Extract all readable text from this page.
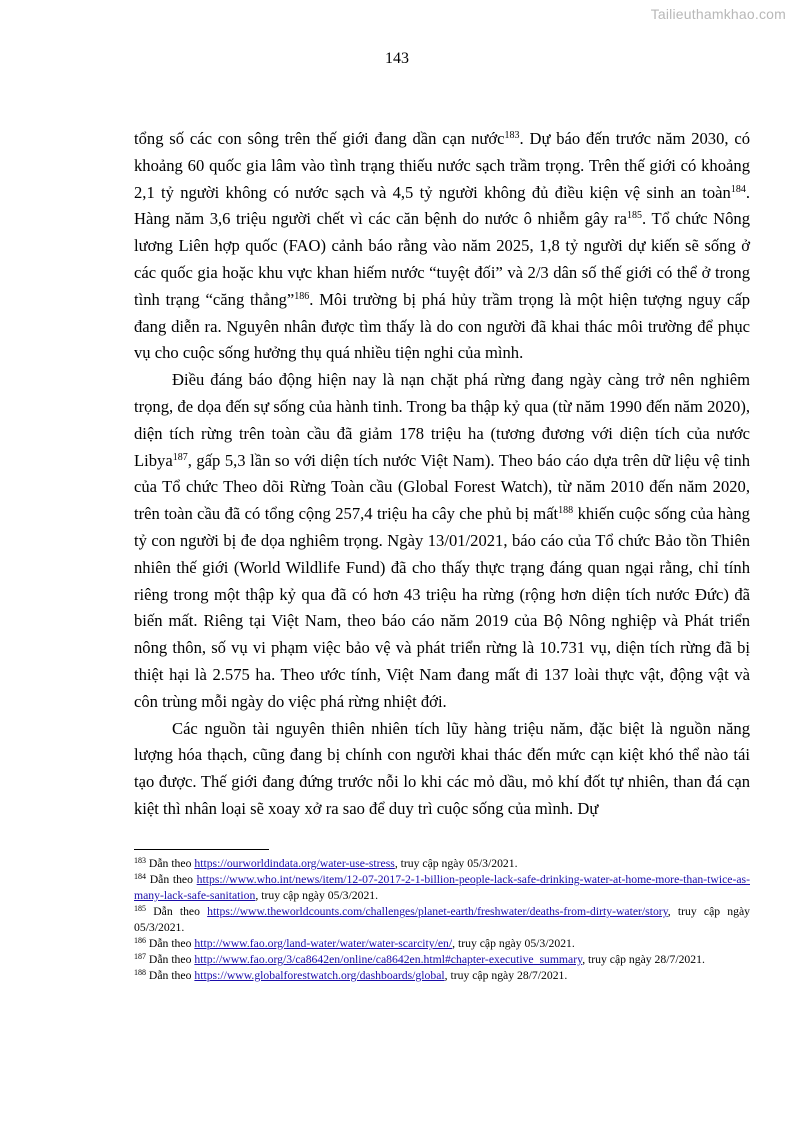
Tailieuthamkhao.com
143

tổng số các con sông trên thế giới đang dần cạn nước$^{183}$. Dự báo đến trước năm 2030, có khoảng 60 quốc gia lâm vào tình trạng thiếu nước sạch trầm trọng. Trên thế giới có khoảng 2,1 tỷ người không có nước sạch và 4,5 tỷ người không đủ điều kiện vệ sinh an toàn$^{184}$. Hàng năm 3,6 triệu người chết vì các căn bệnh do nước ô nhiễm gây $ra^{185}$. Tổ chức Nông lương Liên hợp quốc (FAO) cảnh báo rằng vào năm 2025, 1,8 tỷ người dự kiến sẽ sống ở các quốc gia hoặc khu vực khan hiếm nước “tuyệt đối” và 2/3 dân số thế giới có thể ở trong tình trạng “căng thẳng”$^{186}$. Môi trường bị phá hủy trầm trọng là một hiện tượng nguy cấp đang diễn ra. Nguyên nhân được tìm thấy là do con người đã khai thác môi trường để phục vụ cho cuộc sống hưởng thụ quá nhiều tiện nghi của mình.

Điều đáng báo động hiện nay là nạn chặt phá rừng đang ngày càng trở nên nghiêm trọng, đe dọa đến sự sống của hành tinh. Trong ba thập kỷ qua (từ năm 1990 đến năm 2020), diện tích rừng trên toàn cầu đã giảm 178 triệu ha (tương đương với diện tích của nước Libya$^{187}$, gấp 5,3 lần so với diện tích nước Việt Nam). Theo báo cáo dựa trên dữ liệu vệ tinh của Tổ chức Theo dõi Rừng Toàn cầu (Global Forest Watch), từ năm 2010 đến năm 2020, trên toàn cầu đã có tổng cộng 257,4 triệu ha cây che phủ bị mất$^{188}$ khiến cuộc sống của hàng tỷ con người bị đe dọa nghiêm trọng. Ngày 13/01/2021, báo cáo của Tổ chức Bảo tồn Thiên nhiên thế giới (World Wildlife Fund) đã cho thấy thực trạng đáng quan ngại rằng, chỉ tính riêng trong một thập kỷ qua đã có hơn 43 triệu ha rừng (rộng hơn diện tích nước Đức) đã biến mất. Riêng tại Việt Nam, theo báo cáo năm 2019 của Bộ Nông nghiệp và Phát triển nông thôn, số vụ vi phạm việc bảo vệ và phát triển rừng là 10.731 vụ, diện tích rừng đã bị thiệt hại là 2.575 ha. Theo ước tính, Việt Nam đang mất đi 137 loài thực vật, động vật và côn trùng mỗi ngày do việc phá rừng nhiệt đới.

Các nguồn tài nguyên thiên nhiên tích lũy hàng triệu năm, đặc biệt là nguồn năng lượng hóa thạch, cũng đang bị chính con người khai thác đến mức cạn kiệt khó thể nào tái tạo được. Thế giới đang đứng trước nỗi lo khi các mỏ dầu, mỏ khí đốt tự nhiên, than đá cạn kiệt thì nhân loại sẽ xoay xở ra sao để duy trì cuộc sống của mình. Dự

$^{183}$ Dẫn theo https://ourworldindata.org/water-use-stress, truy cập ngày 05/3/2021.

$^{184}$ Dẫn theo https://www.who.int/news/item/12-07-2017-2-1-billion-people-lack-safe-drinking-water-at-home-more-than-twice-as-many-lack-safe-sanitation, truy cập ngày 05/3/2021.

$^{185}$ Dẫn theo https://www.theworldcounts.com/challenges/planet-earth/freshwater/deaths-from-dirty-water/story, truy cập ngày 05/3/2021.

$^{186}$ Dẫn theo http://www.fao.org/land-water/water/water-scarcity/en/, truy cập ngày 05/3/2021.

$^{187}$ Dẫn theo http://www.fao.org/3/ca8642en/online/ca8642en.html#chapter-executive_summary, truy cập ngày 28/7/2021.

$^{188}$ Dẫn theo https://www.globalforestwatch.org/dashboards/global, truy cập ngày 28/7/2021.
